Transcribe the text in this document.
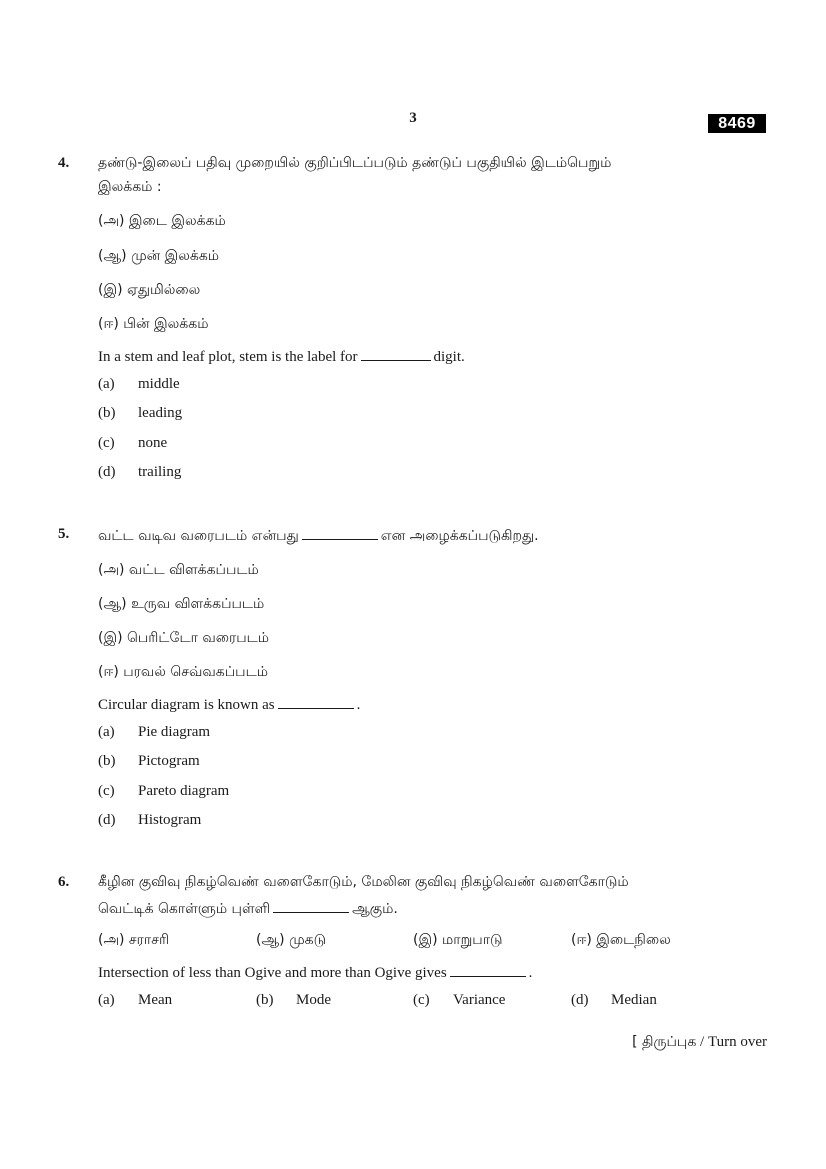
3	8469
4. தண்டு-இலைப் பதிவு முறையில் குறிப்பிடப்படும் தண்டுப் பகுதியில் இடம்பெறும்
இலக்கம் :
(அ) இடை இலக்கம்
(ஆ) முன் இலக்கம்
(இ) ஏதுமில்லை
(ஈ) பின் இலக்கம்
In a stem and leaf plot, stem is the label for	digit.
(a) middle
(b) leading
(c) none
(d) trailing
5. வட்ட வடிவ வரைபடம் என்பது	என அழைக்கப்படுகிறது.
(அ) வட்ட விளக்கப்படம்
(ஆ) உருவ விளக்கப்படம்
(இ) பெரிட்டோ வரைபடம்
(ஈ) பரவல் செவ்வகப்படம்
Circular diagram is known as	.
(a) Pie diagram
(b) Pictogram
(c) Pareto diagram
(d) Histogram
6. கீழின குவிவு நிகழ்வெண் வளைகோடும், மேலின குவிவு நிகழ்வெண் வளைகோடும்
வெட்டிக் கொள்ளும் புள்ளி	ஆகும்.
(அ) சராசரி	(ஆ) முகடு	(இ) மாறுபாடு	(ஈ) இடைநிலை
Intersection of less than Ogive and more than Ogive gives	.
(a) Mean	(b) Mode	(c) Variance	(d) Median
[ திருப்புக / Turn over
